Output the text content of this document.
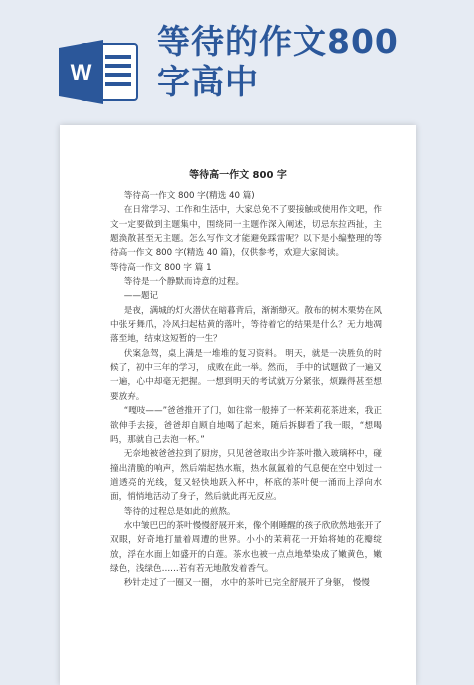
W
等待的作文800
字高中
等待高一作文 800 字

等待高一作文 800 字(精选 40 篇)

在日常学习、工作和生活中，大家总免不了要接触或使用作文吧，作文一定要做到主题集中，围绕同一主题作深入阐述，切忌东拉西扯，主题涣散甚至无主题。怎么写作文才能避免踩雷呢？以下是小编整理的等待高一作文 800 字(精选 40 篇)，仅供参考，欢迎大家阅读。

等待高一作文 800 字 篇 1

等待是一个静默而诗意的过程。

——题记

是夜，满城的灯火潜伏在暗暮背后，渐渐缈灭。散布的树木栗势在风中张牙舞爪，冷风扫起枯黄的落叶，等待着它的结果是什么？无力地凋落至地，结束这短暂的一生？

伏案急驾，桌上满是一堆堆的复习资料。 明天，就是一决胜负的时候了，初中三年的学习， 成败在此一举。然而， 手中的试题做了一遍又一遍，心中却毫无把握。一想到明天的考试就万分紧张，烦躁得甚至想要放弃。

“嘎吱——”爸爸推开了门，如往常一般捧了一杯茉莉花茶进来，我正欲伸手去接，爸爸却自顾自地喝了起来，随后拆脚看了我一眼，“想喝吗，那就自己去泡一杯。”

无奈地被爸爸拉到了厨房，只见爸爸取出少许茶叶撒入玻璃杯中，碰撞出清脆的响声，然后端起热水瓶，热水氤氲着的气息便在空中划过一道透亮的光线，复又轻快地跃入杯中，杯底的茶叶便一涌而上浮向水面，悄悄地活动了身子，然后就此再无反应。

等待的过程总是如此的煎熬。

水中皱巴巴的茶叶慢慢舒展开来，像个刚睡醒的孩子欣欣然地张开了双眼，好奇地打量着周遭的世界。小小的茉莉花一开始将她的花瓣绽放，浮在水面上如盛开的白莲。茶水也被一点点地晕染成了嫩黄色，嫩绿色，浅绿色……若有若无地散发着香气。

秒针走过了一圈又一圈， 水中的茶叶已完全舒展开了身躯， 慢慢
